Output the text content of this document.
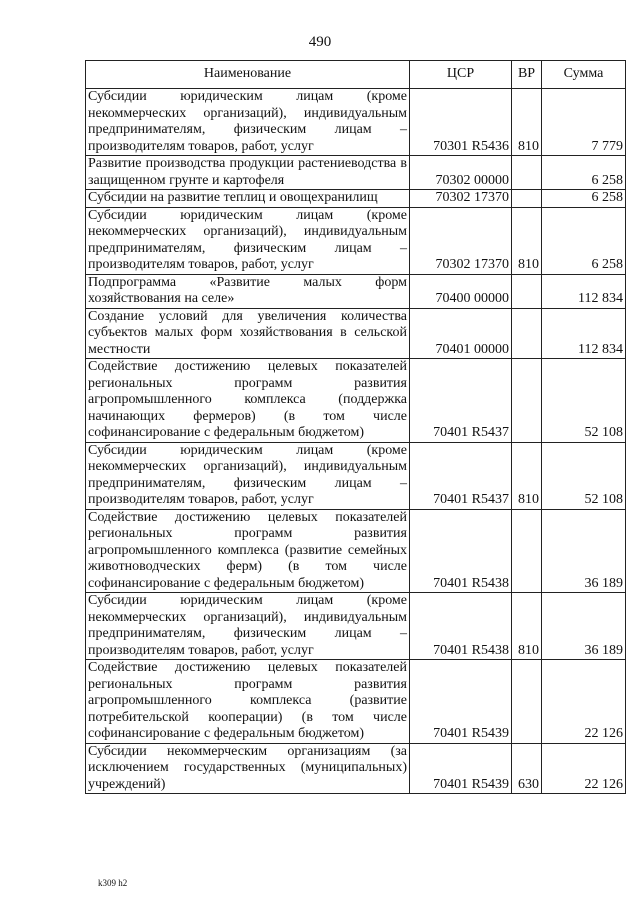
490
Наименование	ЦСР	ВР	Сумма
Субсидии юридическим лицам (кроме некоммерческих организаций), индивидуальным предпринимателям, физическим лицам – производителям товаров, работ, услуг	70301 R5436	810	7 779
Развитие производства продукции растениеводства в защищенном грунте и картофеля	70302 00000		6 258
Субсидии на развитие теплиц и овощехранилищ	70302 17370		6 258
Субсидии юридическим лицам (кроме некоммерческих организаций), индивидуальным предпринимателям, физическим лицам – производителям товаров, работ, услуг	70302 17370	810	6 258
Подпрограмма «Развитие малых форм хозяйствования на селе»	70400 00000		112 834
Создание условий для увеличения количества субъектов малых форм хозяйствования в сельской местности	70401 00000		112 834
Содействие достижению целевых показателей региональных программ развития агропромышленного комплекса (поддержка начинающих фермеров) (в том числе софинансирование с федеральным бюджетом)	70401 R5437		52 108
Субсидии юридическим лицам (кроме некоммерческих организаций), индивидуальным предпринимателям, физическим лицам – производителям товаров, работ, услуг	70401 R5437	810	52 108
Содействие достижению целевых показателей региональных программ развития агропромышленного комплекса (развитие семейных животноводческих ферм) (в том числе софинансирование с федеральным бюджетом)	70401 R5438		36 189
Субсидии юридическим лицам (кроме некоммерческих организаций), индивидуальным предпринимателям, физическим лицам – производителям товаров, работ, услуг	70401 R5438	810	36 189
Содействие достижению целевых показателей региональных программ развития агропромышленного комплекса (развитие потребительской кооперации) (в том числе софинансирование с федеральным бюджетом)	70401 R5439		22 126
Субсидии некоммерческим организациям (за исключением государственных (муниципальных) учреждений)	70401 R5439	630	22 126
k309 h2
